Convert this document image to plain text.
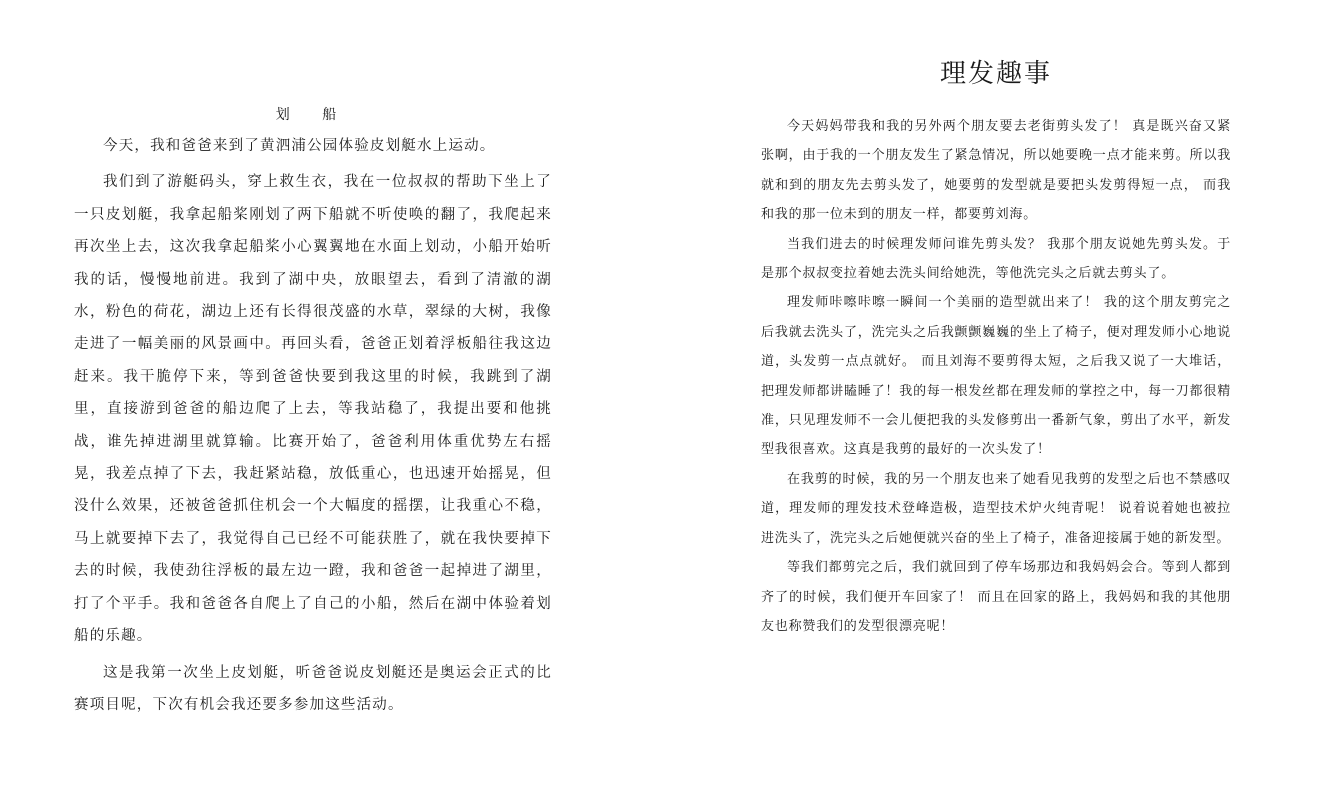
划 船

今天，我和爸爸来到了黄泗浦公园体验皮划艇水上运动。

我们到了游艇码头，穿上救生衣，我在一位叔叔的帮助下坐上了一只皮划艇，我拿起船桨刚划了两下船就不听使唤的翻了，我爬起来再次坐上去，这次我拿起船桨小心翼翼地在水面上划动，小船开始听我的话，慢慢地前进。我到了湖中央，放眼望去，看到了清澈的湖水，粉色的荷花，湖边上还有长得很茂盛的水草，翠绿的大树，我像走进了一幅美丽的风景画中。再回头看，爸爸正划着浮板船往我这边赶来。我干脆停下来，等到爸爸快要到我这里的时候，我跳到了湖里，直接游到爸爸的船边爬了上去，等我站稳了，我提出要和他挑战，谁先掉进湖里就算输。比赛开始了，爸爸利用体重优势左右摇晃，我差点掉了下去，我赶紧站稳，放低重心，也迅速开始摇晃，但没什么效果，还被爸爸抓住机会一个大幅度的摇摆，让我重心不稳，马上就要掉下去了，我觉得自己已经不可能获胜了，就在我快要掉下去的时候，我使劲往浮板的最左边一蹬，我和爸爸一起掉进了湖里，打了个平手。我和爸爸各自爬上了自己的小船，然后在湖中体验着划船的乐趣。

这是我第一次坐上皮划艇，听爸爸说皮划艇还是奥运会正式的比赛项目呢，下次有机会我还要多参加这些活动。

理发趣事

今天妈妈带我和我的另外两个朋友要去老街剪头发了！ 真是既兴奋又紧张啊，由于我的一个朋友发生了紧急情况，所以她要晚一点才能来剪。所以我就和到的朋友先去剪头发了，她要剪的发型就是要把头发剪得短一点， 而我和我的那一位未到的朋友一样，都要剪刘海。

当我们进去的时候理发师问谁先剪头发？ 我那个朋友说她先剪头发。于是那个叔叔变拉着她去洗头间给她洗，等他洗完头之后就去剪头了。

理发师咔嚓咔嚓一瞬间一个美丽的造型就出来了！ 我的这个朋友剪完之后我就去洗头了，洗完头之后我颤颤巍巍的坐上了椅子，便对理发师小心地说道，头发剪一点点就好。 而且刘海不要剪得太短，之后我又说了一大堆话，把理发师都讲瞌睡了！我的每一根发丝都在理发师的掌控之中，每一刀都很精准，只见理发师不一会儿便把我的头发修剪出一番新气象，剪出了水平，新发型我很喜欢。这真是我剪的最好的一次头发了！

在我剪的时候，我的另一个朋友也来了她看见我剪的发型之后也不禁感叹道，理发师的理发技术登峰造极，造型技术炉火纯青呢！ 说着说着她也被拉进洗头了，洗完头之后她便就兴奋的坐上了椅子，准备迎接属于她的新发型。

等我们都剪完之后，我们就回到了停车场那边和我妈妈会合。等到人都到齐了的时候，我们便开车回家了！ 而且在回家的路上，我妈妈和我的其他朋友也称赞我们的发型很漂亮呢！
